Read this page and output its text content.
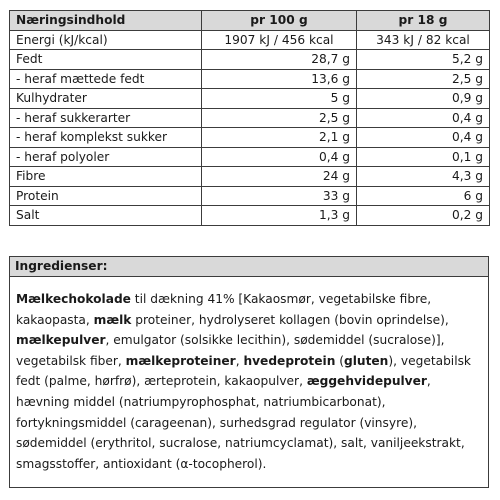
Næringsindhold	pr 100 g	pr 18 g
Energi (kJ/kcal)	1907 kJ / 456 kcal	343 kJ / 82 kcal
Fedt	28,7 g	5,2 g
- heraf mættede fedt	13,6 g	2,5 g
Kulhydrater	5 g	0,9 g
- heraf sukkerarter	2,5 g	0,4 g
- heraf komplekst sukker	2,1 g	0,4 g
- heraf polyoler	0,4 g	0,1 g
Fibre	24 g	4,3 g
Protein	33 g	6 g
Salt	1,3 g	0,2 g
Ingredienser:
Mælkechokolade til dækning 41% [Kakaosmør, vegetabilske fibre, kakaopasta, mælk proteiner, hydrolyseret kollagen (bovin oprindelse), mælkepulver, emulgator (solsikke lecithin), sødemiddel (sucralose)], vegetabilsk fiber, mælkeproteiner, hvedeprotein (gluten), vegetabilsk fedt (palme, hørfrø), ærteprotein, kakaopulver, æggehvidepulver, hævning middel (natriumpyrophosphat, natriumbicarbonat), fortykningsmiddel (carageenan), surhedsgrad regulator (vinsyre), sødemiddel (erythritol, sucralose, natriumcyclamat), salt, vaniljeekstrakt, smagsstoffer, antioxidant (α-tocopherol).
